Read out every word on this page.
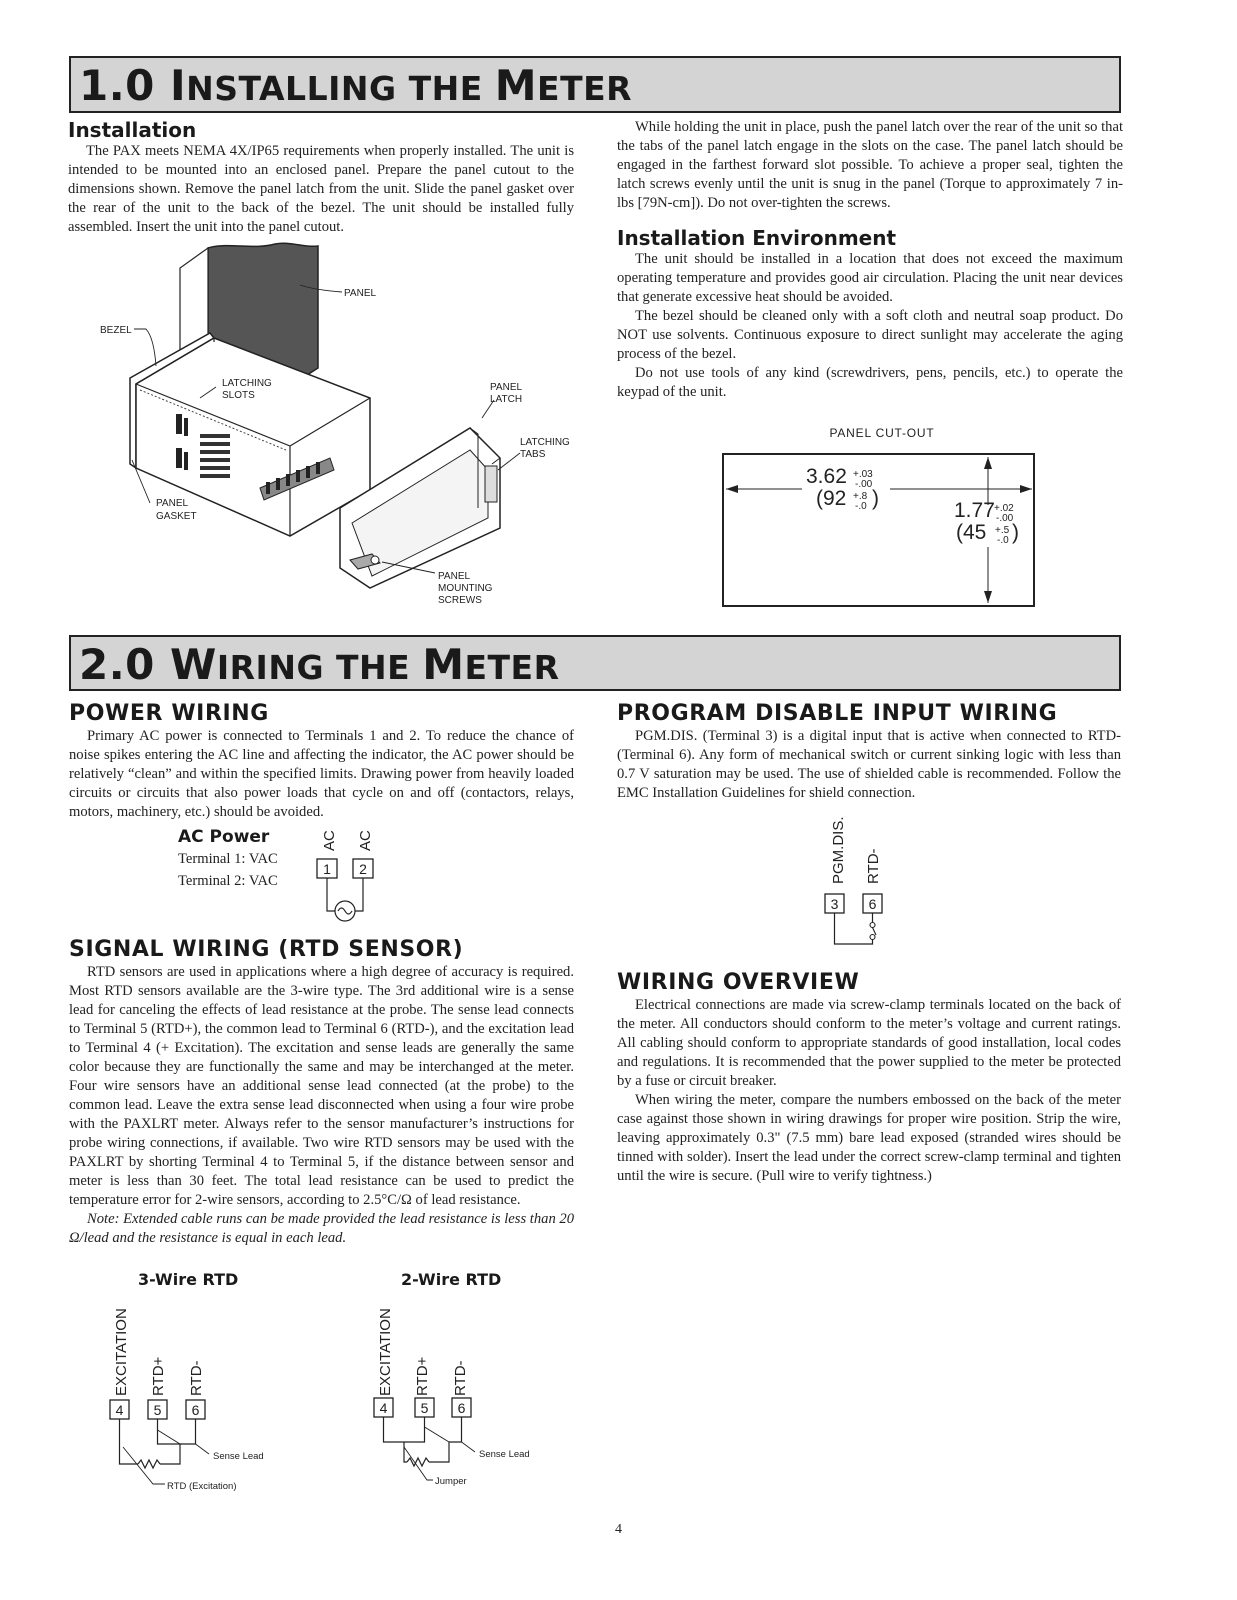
1.0 INSTALLING THE METER
Installation

The PAX meets NEMA 4X/IP65 requirements when properly installed. The unit is intended to be mounted into an enclosed panel. Prepare the panel cutout to the dimensions shown. Remove the panel latch from the unit. Slide the panel gasket over the rear of the unit to the back of the bezel. The unit should be installed fully assembled. Insert the unit into the panel cutout.

While holding the unit in place, push the panel latch over the rear of the unit so that the tabs of the panel latch engage in the slots on the case. The panel latch should be engaged in the farthest forward slot possible. To achieve a proper seal, tighten the latch screws evenly until the unit is snug in the panel (Torque to approximately 7 in-lbs [79N-cm]). Do not over-tighten the screws.

Installation Environment

The unit should be installed in a location that does not exceed the maximum operating temperature and provides good air circulation. Placing the unit near devices that generate excessive heat should be avoided.

The bezel should be cleaned only with a soft cloth and neutral soap product. Do NOT use solvents. Continuous exposure to direct sunlight may accelerate the aging process of the bezel.

Do not use tools of any kind (screwdrivers, pens, pencils, etc.) to operate the keypad of the unit.

PANEL
BEZEL
LATCHING
SLOTS
PANEL
LATCH
LATCHING
TABS
PANEL
GASKET
PANEL
MOUNTING
SCREWS
PANEL CUT-OUT
3.62 +.03
-.00
(92 +.8
-.0 )
1.77 +.02
-.00
(45 +.5
-.0 )
2.0 WIRING THE METER
POWER WIRING

Primary AC power is connected to Terminals 1 and 2. To reduce the chance of noise spikes entering the AC line and affecting the indicator, the AC power should be relatively “clean” and within the specified limits. Drawing power from heavily loaded circuits or circuits that also power loads that cycle on and off (contactors, relays, motors, machinery, etc.) should be avoided.

AC Power
Terminal 1: VAC
Terminal 2: VAC
AC AC
1 2
SIGNAL WIRING (RTD SENSOR)

RTD sensors are used in applications where a high degree of accuracy is required. Most RTD sensors available are the 3-wire type. The 3rd additional wire is a sense lead for canceling the effects of lead resistance at the probe. The sense lead connects to Terminal 5 (RTD+), the common lead to Terminal 6 (RTD-), and the excitation lead to Terminal 4 (+ Excitation). The excitation and sense leads are generally the same color because they are functionally the same and may be interchanged at the meter. Four wire sensors have an additional sense lead connected (at the probe) to the common lead. Leave the extra sense lead disconnected when using a four wire probe with the PAXLRT meter. Always refer to the sensor manufacturer’s instructions for probe wiring connections, if available. Two wire RTD sensors may be used with the PAXLRT by shorting Terminal 4 to Terminal 5, if the distance between sensor and meter is less than 30 feet. The total lead resistance can be used to predict the temperature error for 2-wire sensors, according to 2.5°C/Ω of lead resistance.

Note: Extended cable runs can be made provided the lead resistance is less than 20 Ω/lead and the resistance is equal in each lead.

3-Wire RTD	2-Wire RTD
EXCITATION RTD+ RTD-
4 5 6
Sense Lead
RTD (Excitation)
EXCITATION RTD+ RTD-
4 5 6
Sense Lead
Jumper
PROGRAM DISABLE INPUT WIRING

PGM.DIS. (Terminal 3) is a digital input that is active when connected to RTD- (Terminal 6). Any form of mechanical switch or current sinking logic with less than 0.7 V saturation may be used. The use of shielded cable is recommended. Follow the EMC Installation Guidelines for shield connection.

PGM.DIS. RTD-
3 6
WIRING OVERVIEW

Electrical connections are made via screw-clamp terminals located on the back of the meter. All conductors should conform to the meter’s voltage and current ratings. All cabling should conform to appropriate standards of good installation, local codes and regulations. It is recommended that the power supplied to the meter be protected by a fuse or circuit breaker.

When wiring the meter, compare the numbers embossed on the back of the meter case against those shown in wiring drawings for proper wire position. Strip the wire, leaving approximately 0.3" (7.5 mm) bare lead exposed (stranded wires should be tinned with solder). Insert the lead under the correct screw-clamp terminal and tighten until the wire is secure. (Pull wire to verify tightness.)

4
